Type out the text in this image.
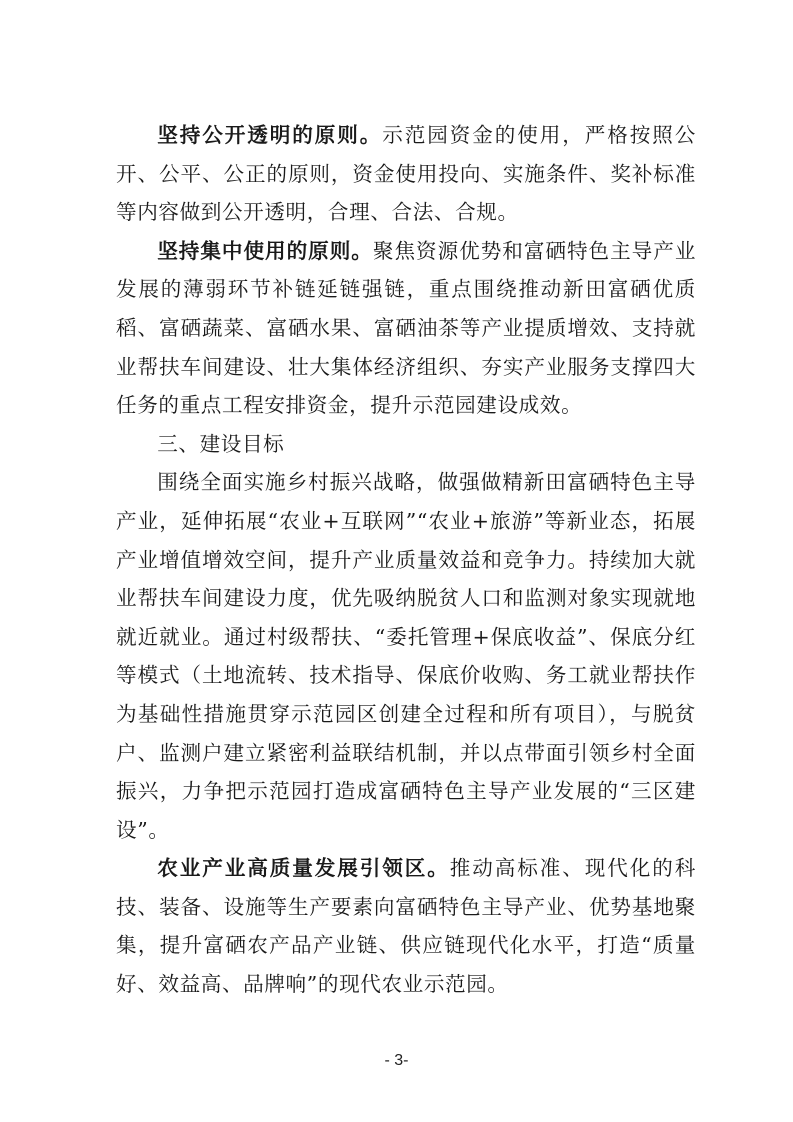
坚持公开透明的原则。示范园资金的使用，严格按照公开、公平、公正的原则，资金使用投向、实施条件、奖补标准等内容做到公开透明，合理、合法、合规。

坚持集中使用的原则。聚焦资源优势和富硒特色主导产业发展的薄弱环节补链延链强链，重点围绕推动新田富硒优质稻、富硒蔬菜、富硒水果、富硒油茶等产业提质增效、支持就业帮扶车间建设、壮大集体经济组织、夯实产业服务支撑四大任务的重点工程安排资金，提升示范园建设成效。

三、建设目标

围绕全面实施乡村振兴战略，做强做精新田富硒特色主导产业，延伸拓展“农业+互联网”“农业+旅游”等新业态，拓展产业增值增效空间，提升产业质量效益和竞争力。持续加大就业帮扶车间建设力度，优先吸纳脱贫人口和监测对象实现就地就近就业。通过村级帮扶、“委托管理+保底收益”、保底分红等模式（土地流转、技术指导、保底价收购、务工就业帮扶作为基础性措施贯穿示范园区创建全过程和所有项目），与脱贫户、监测户建立紧密利益联结机制，并以点带面引领乡村全面振兴，力争把示范园打造成富硒特色主导产业发展的“三区建设”。

农业产业高质量发展引领区。推动高标准、现代化的科技、装备、设施等生产要素向富硒特色主导产业、优势基地聚集，提升富硒农产品产业链、供应链现代化水平，打造“质量好、效益高、品牌响”的现代农业示范园。

- 3-
